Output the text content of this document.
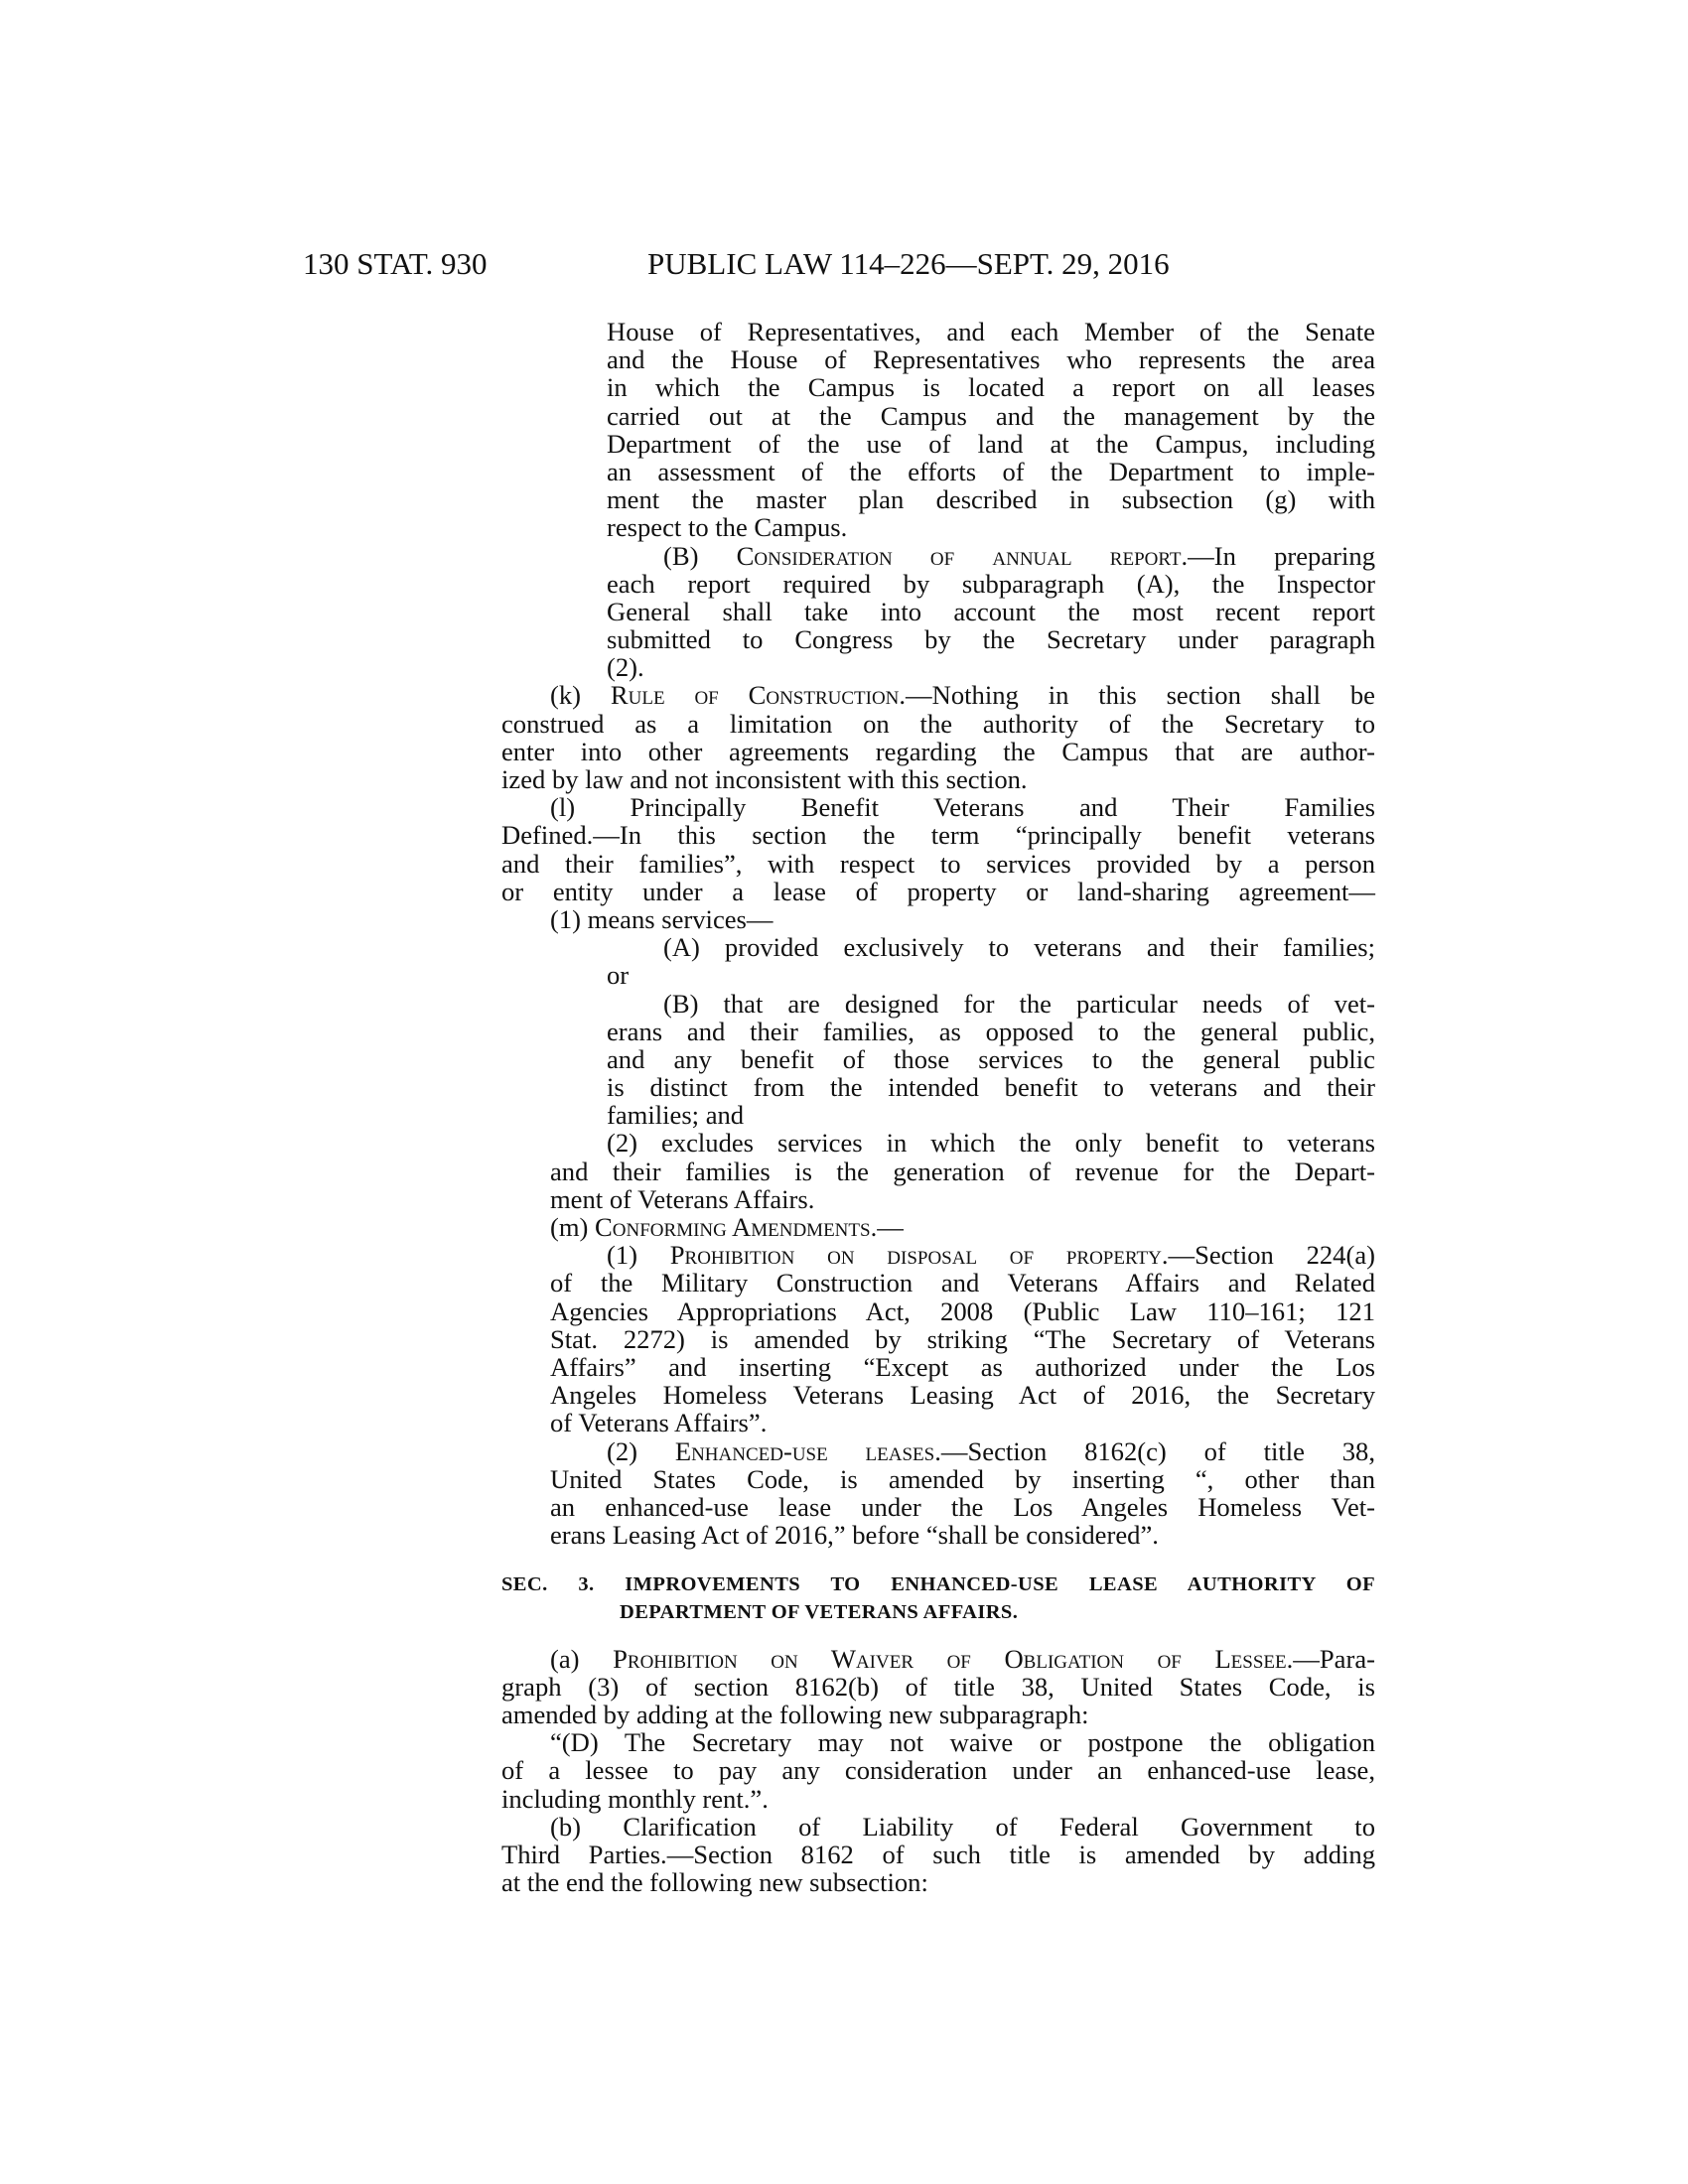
130 STAT. 930	PUBLIC LAW 114–226—SEPT. 29, 2016
House of Representatives, and each Member of the Senate
and the House of Representatives who represents the area
in which the Campus is located a report on all leases
carried out at the Campus and the management by the
Department of the use of land at the Campus, including
an assessment of the efforts of the Department to imple-
ment the master plan described in subsection (g) with
respect to the Campus.
(B) Consideration of annual report.—In preparing
each report required by subparagraph (A), the Inspector
General shall take into account the most recent report
submitted to Congress by the Secretary under paragraph
(2).
(k) Rule of Construction.—Nothing in this section shall be
construed as a limitation on the authority of the Secretary to
enter into other agreements regarding the Campus that are author-
ized by law and not inconsistent with this section.
(l) Principally Benefit Veterans and Their Families
Defined.—In this section the term “principally benefit veterans
and their families”, with respect to services provided by a person
or entity under a lease of property or land-sharing agreement—
(1) means services—
(A) provided exclusively to veterans and their families;
or
(B) that are designed for the particular needs of vet-
erans and their families, as opposed to the general public,
and any benefit of those services to the general public
is distinct from the intended benefit to veterans and their
families; and
(2) excludes services in which the only benefit to veterans
and their families is the generation of revenue for the Depart-
ment of Veterans Affairs.
(m) Conforming Amendments.—
(1) Prohibition on disposal of property.—Section 224(a)
of the Military Construction and Veterans Affairs and Related
Agencies Appropriations Act, 2008 (Public Law 110–161; 121
Stat. 2272) is amended by striking “The Secretary of Veterans
Affairs” and inserting “Except as authorized under the Los
Angeles Homeless Veterans Leasing Act of 2016, the Secretary
of Veterans Affairs”.
(2) Enhanced-use leases.—Section 8162(c) of title 38,
United States Code, is amended by inserting “, other than
an enhanced-use lease under the Los Angeles Homeless Vet-
erans Leasing Act of 2016,” before “shall be considered”.
SEC. 3. IMPROVEMENTS TO ENHANCED-USE LEASE AUTHORITY OF
DEPARTMENT OF VETERANS AFFAIRS.
(a) Prohibition on Waiver of Obligation of Lessee.—Para-
graph (3) of section 8162(b) of title 38, United States Code, is
amended by adding at the following new subparagraph:
“(D) The Secretary may not waive or postpone the obligation
of a lessee to pay any consideration under an enhanced-use lease,
including monthly rent.”.
(b) Clarification of Liability of Federal Government to
Third Parties.—Section 8162 of such title is amended by adding
at the end the following new subsection:
